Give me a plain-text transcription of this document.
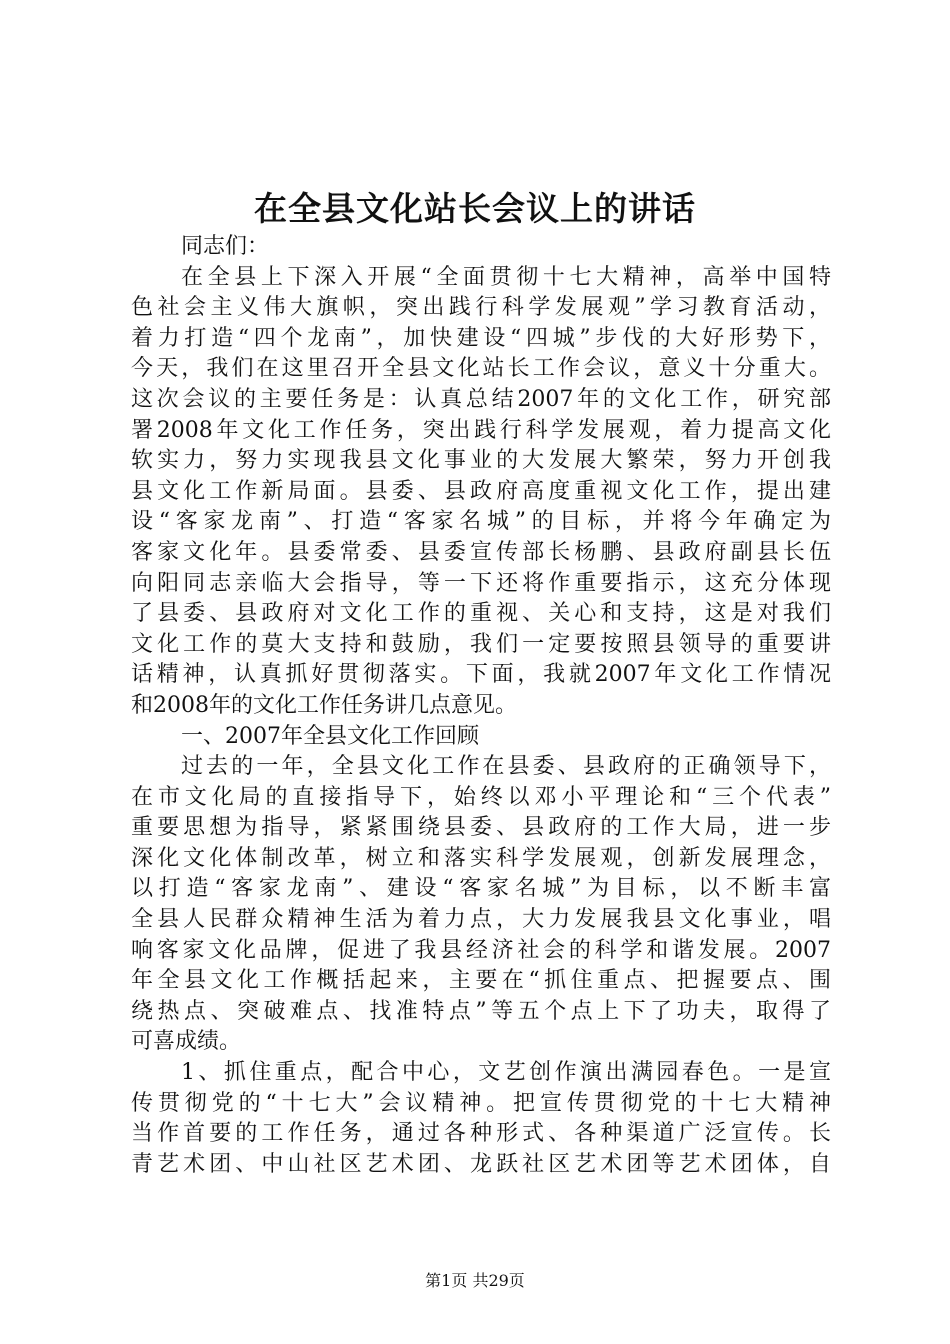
在全县文化站长会议上的讲话
同志们：
在全县上下深入开展“全面贯彻十七大精神，高举中国特
色社会主义伟大旗帜，突出践行科学发展观”学习教育活动，
着力打造“四个龙南”，加快建设“四城”步伐的大好形势下，
今天，我们在这里召开全县文化站长工作会议，意义十分重大。
这次会议的主要任务是：认真总结2007年的文化工作，研究部
署2008年文化工作任务，突出践行科学发展观，着力提高文化
软实力，努力实现我县文化事业的大发展大繁荣，努力开创我
县文化工作新局面。县委、县政府高度重视文化工作，提出建
设“客家龙南”、打造“客家名城”的目标，并将今年确定为
客家文化年。县委常委、县委宣传部长杨鹏、县政府副县长伍
向阳同志亲临大会指导，等一下还将作重要指示，这充分体现
了县委、县政府对文化工作的重视、关心和支持，这是对我们
文化工作的莫大支持和鼓励，我们一定要按照县领导的重要讲
话精神，认真抓好贯彻落实。下面，我就2007年文化工作情况
和2008年的文化工作任务讲几点意见。
一、2007年全县文化工作回顾
过去的一年，全县文化工作在县委、县政府的正确领导下，
在市文化局的直接指导下，始终以邓小平理论和“三个代表”
重要思想为指导，紧紧围绕县委、县政府的工作大局，进一步
深化文化体制改革，树立和落实科学发展观，创新发展理念，
以打造“客家龙南”、建设“客家名城”为目标，以不断丰富
全县人民群众精神生活为着力点，大力发展我县文化事业，唱
响客家文化品牌，促进了我县经济社会的科学和谐发展。2007
年全县文化工作概括起来，主要在“抓住重点、把握要点、围
绕热点、突破难点、找准特点”等五个点上下了功夫，取得了
可喜成绩。
1、抓住重点，配合中心，文艺创作演出满园春色。一是宣
传贯彻党的“十七大”会议精神。把宣传贯彻党的十七大精神
当作首要的工作任务，通过各种形式、各种渠道广泛宣传。长
青艺术团、中山社区艺术团、龙跃社区艺术团等艺术团体，自
第1页 共29页
